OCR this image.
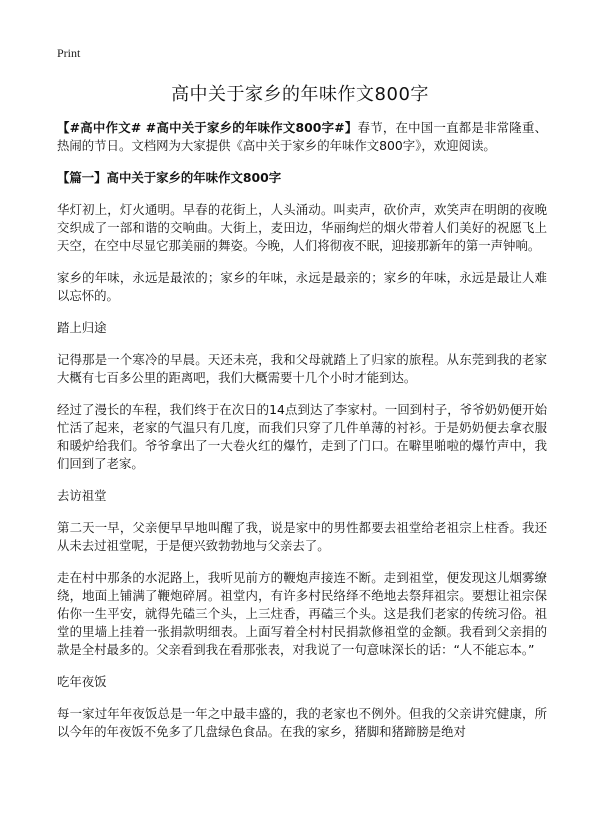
Print
高中关于家乡的年味作文800字

【#高中作文# #高中关于家乡的年味作文800字#】春节，在中国一直都是非常隆重、热闹的节日。文档网为大家提供《高中关于家乡的年味作文800字》，欢迎阅读。

【篇一】高中关于家乡的年味作文800字

华灯初上，灯火通明。早春的花街上，人头涌动。叫卖声，砍价声，欢笑声在明朗的夜晚交织成了一部和谐的交响曲。大街上，麦田边，华丽绚烂的烟火带着人们美好的祝愿飞上天空，在空中尽显它那美丽的舞姿。今晚，人们将彻夜不眠，迎接那新年的第一声钟响。

家乡的年味，永远是最浓的；家乡的年味，永远是最亲的；家乡的年味，永远是最让人难以忘怀的。

踏上归途

记得那是一个寒冷的早晨。天还未亮，我和父母就踏上了归家的旅程。从东莞到我的老家大概有七百多公里的距离吧，我们大概需要十几个小时才能到达。

经过了漫长的车程，我们终于在次日的14点到达了李家村。一回到村子，爷爷奶奶便开始忙活了起来，老家的气温只有几度，而我们只穿了几件单薄的衬衫。于是奶奶便去拿衣服和暖炉给我们。爷爷拿出了一大卷火红的爆竹，走到了门口。在噼里啪啦的爆竹声中，我们回到了老家。

去访祖堂

第二天一早，父亲便早早地叫醒了我，说是家中的男性都要去祖堂给老祖宗上柱香。我还从未去过祖堂呢，于是便兴致勃勃地与父亲去了。

走在村中那条的水泥路上，我听见前方的鞭炮声接连不断。走到祖堂，便发现这儿烟雾缭绕，地面上铺满了鞭炮碎屑。祖堂内，有许多村民络绎不绝地去祭拜祖宗。要想让祖宗保佑你一生平安，就得先磕三个头，上三炷香，再磕三个头。这是我们老家的传统习俗。祖堂的里墙上挂着一张捐款明细表。上面写着全村村民捐款修祖堂的金额。我看到父亲捐的款是全村最多的。父亲看到我在看那张表，对我说了一句意味深长的话：“人不能忘本。”

吃年夜饭

每一家过年年夜饭总是一年之中最丰盛的，我的老家也不例外。但我的父亲讲究健康，所以今年的年夜饭不免多了几盘绿色食品。在我的家乡，猪脚和猪蹄膀是绝对
